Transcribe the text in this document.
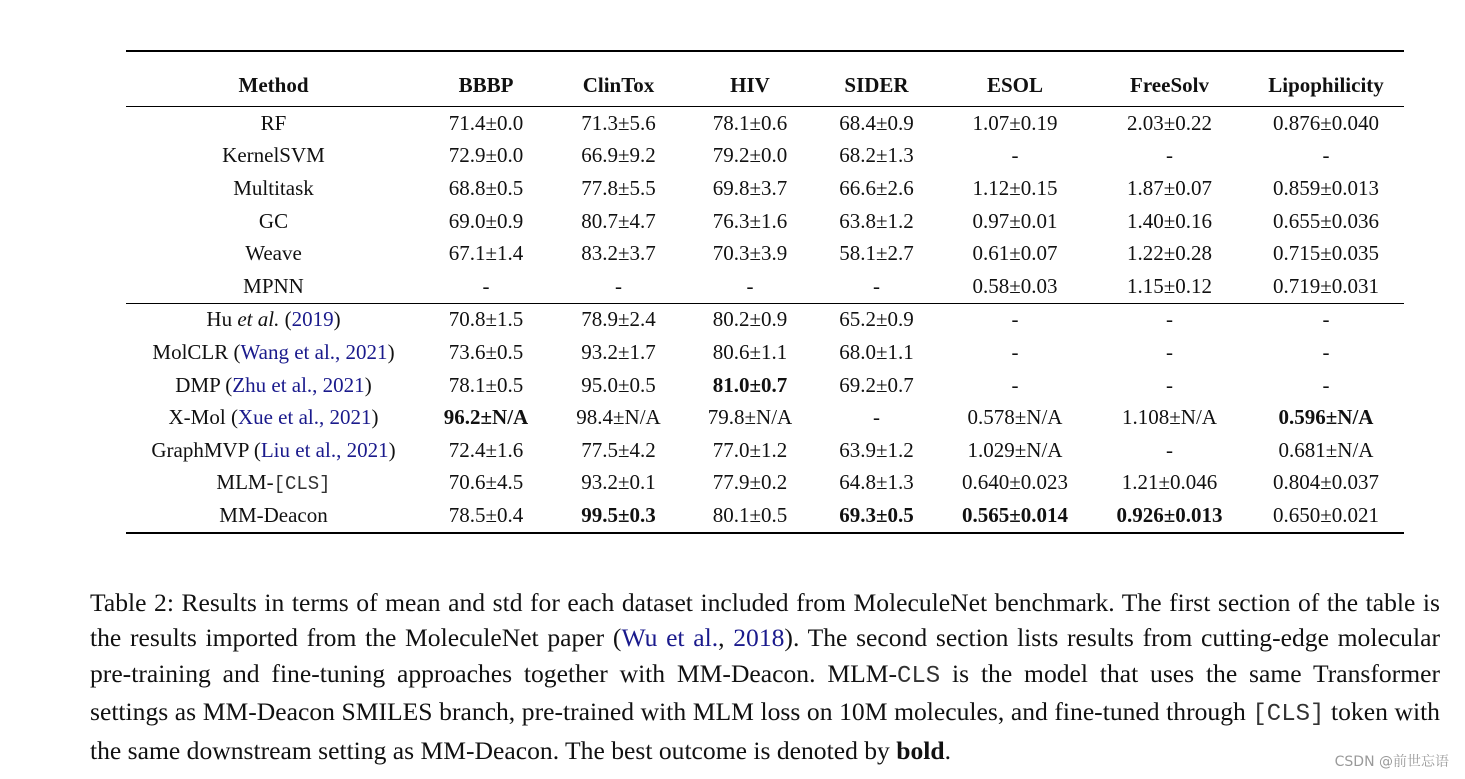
Method	BBBP	ClinTox	HIV	SIDER	ESOL	FreeSolv	Lipophilicity
RF	71.4±0.0	71.3±5.6	78.1±0.6	68.4±0.9	1.07±0.19	2.03±0.22	0.876±0.040
KernelSVM	72.9±0.0	66.9±9.2	79.2±0.0	68.2±1.3	-	-	-
Multitask	68.8±0.5	77.8±5.5	69.8±3.7	66.6±2.6	1.12±0.15	1.87±0.07	0.859±0.013
GC	69.0±0.9	80.7±4.7	76.3±1.6	63.8±1.2	0.97±0.01	1.40±0.16	0.655±0.036
Weave	67.1±1.4	83.2±3.7	70.3±3.9	58.1±2.7	0.61±0.07	1.22±0.28	0.715±0.035
MPNN	-	-	-	-	0.58±0.03	1.15±0.12	0.719±0.031
Hu et al. (2019)	70.8±1.5	78.9±2.4	80.2±0.9	65.2±0.9	-	-	-
MolCLR (Wang et al., 2021)	73.6±0.5	93.2±1.7	80.6±1.1	68.0±1.1	-	-	-
DMP (Zhu et al., 2021)	78.1±0.5	95.0±0.5	81.0±0.7	69.2±0.7	-	-	-
X-Mol (Xue et al., 2021)	96.2±N/A	98.4±N/A	79.8±N/A	-	0.578±N/A	1.108±N/A	0.596±N/A
GraphMVP (Liu et al., 2021)	72.4±1.6	77.5±4.2	77.0±1.2	63.9±1.2	1.029±N/A	-	0.681±N/A
MLM-[CLS]	70.6±4.5	93.2±0.1	77.9±0.2	64.8±1.3	0.640±0.023	1.21±0.046	0.804±0.037
MM-Deacon	78.5±0.4	99.5±0.3	80.1±0.5	69.3±0.5	0.565±0.014	0.926±0.013	0.650±0.021

Table 2: Results in terms of mean and std for each dataset included from MoleculeNet benchmark. The first section of the table is the results imported from the MoleculeNet paper (Wu et al., 2018). The second section lists results from cutting-edge molecular pre-training and fine-tuning approaches together with MM-Deacon. MLM-CLS is the model that uses the same Transformer settings as MM-Deacon SMILES branch, pre-trained with MLM loss on 10M molecules, and fine-tuned through [CLS] token with the same downstream setting as MM-Deacon. The best outcome is denoted by bold.	CSDN @前世忘语
